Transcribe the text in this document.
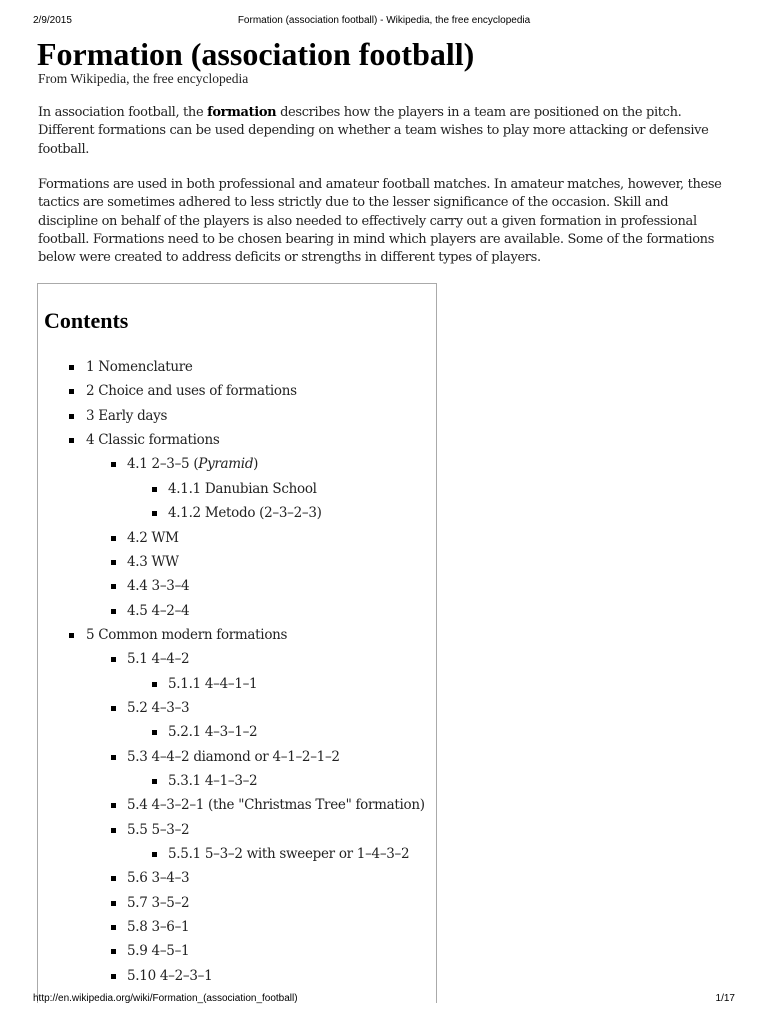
2/9/2015	Formation (association football) - Wikipedia, the free encyclopedia
Formation (association football)

From Wikipedia, the free encyclopedia

In association football, the formation describes how the players in a team are positioned on the pitch. Different formations can be used depending on whether a team wishes to play more attacking or defensive football.

Formations are used in both professional and amateur football matches. In amateur matches, however, these tactics are sometimes adhered to less strictly due to the lesser significance of the occasion. Skill and discipline on behalf of the players is also needed to effectively carry out a given formation in professional football. Formations need to be chosen bearing in mind which players are available. Some of the formations below were created to address deficits or strengths in different types of players.

Contents
1 Nomenclature
2 Choice and uses of formations
3 Early days
4 Classic formations
4.1 2–3–5 (Pyramid)
4.1.1 Danubian School
4.1.2 Metodo (2–3–2–3)
4.2 WM
4.3 WW
4.4 3–3–4
4.5 4–2–4
5 Common modern formations
5.1 4–4–2
5.1.1 4–4–1–1
5.2 4–3–3
5.2.1 4–3–1–2
5.3 4–4–2 diamond or 4–1–2–1–2
5.3.1 4–1–3–2
5.4 4–3–2–1 (the "Christmas Tree" formation)
5.5 5–3–2
5.5.1 5–3–2 with sweeper or 1–4–3–2
5.6 3–4–3
5.7 3–5–2
5.8 3–6–1
5.9 4–5–1
5.10 4–2–3–1
http://en.wikipedia.org/wiki/Formation_(association_football)	1/17
